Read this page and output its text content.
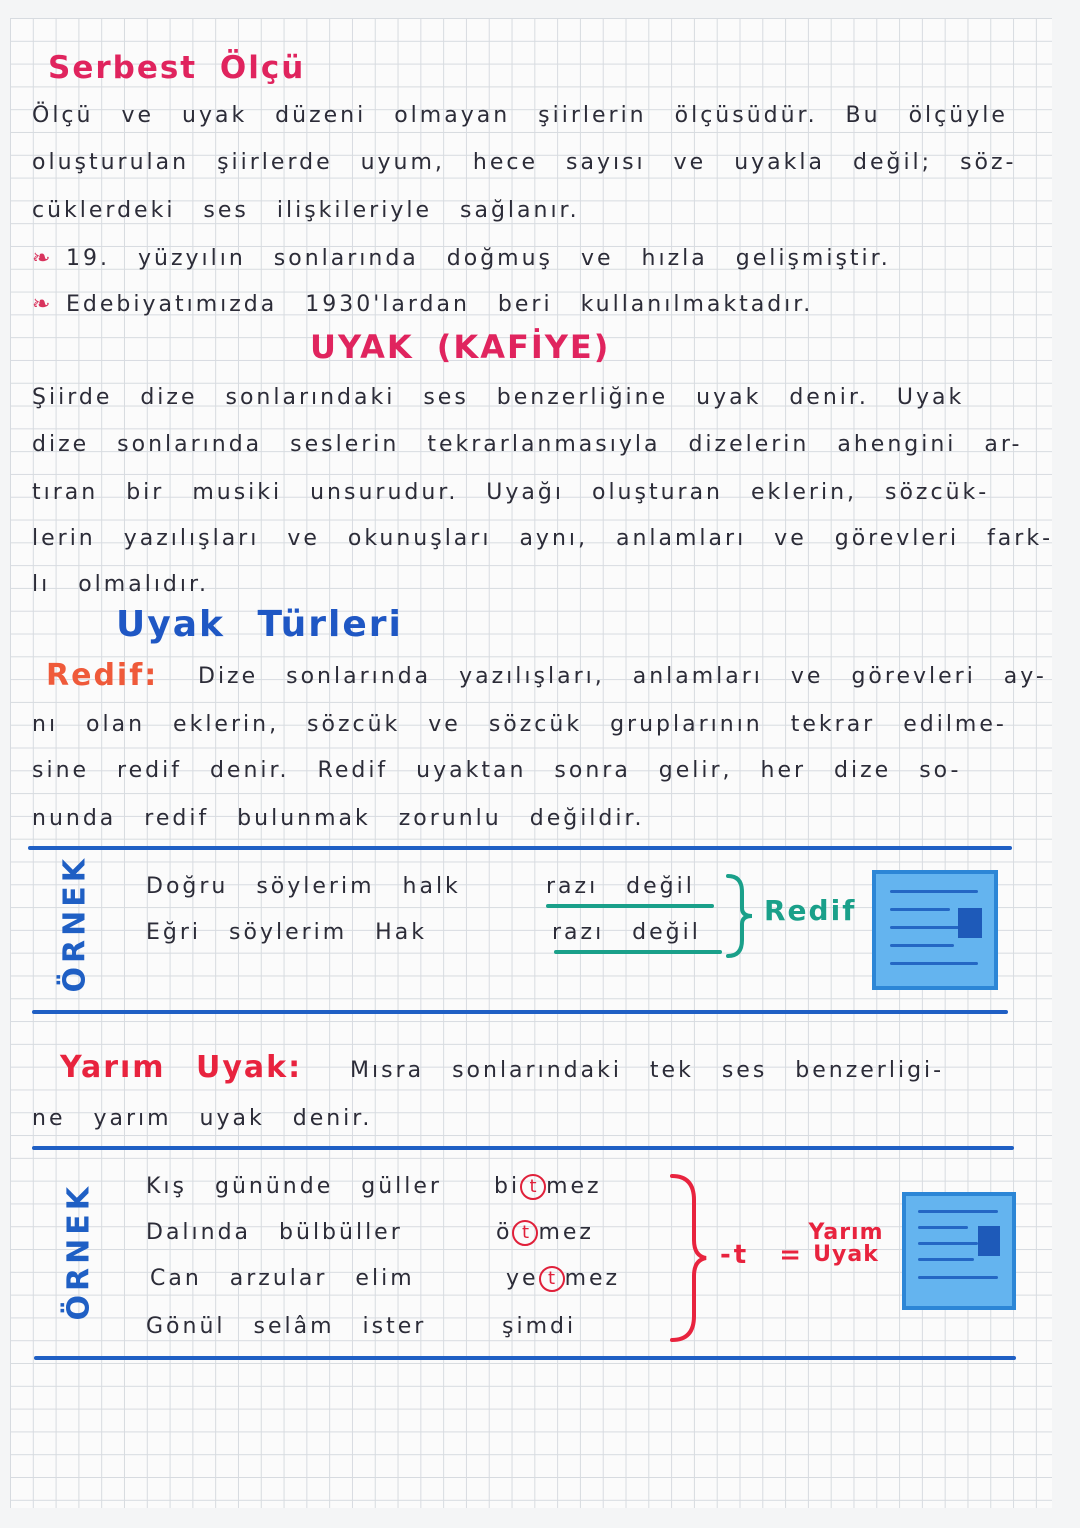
Serbest Ölçü
Ölçü ve uyak düzeni olmayan şiirlerin ölçüsüdür. Bu ölçüyle
oluşturulan şiirlerde uyum, hece sayısı ve uyakla değil; söz-
cüklerdeki ses ilişkileriyle sağlanır.
❧ 19. yüzyılın sonlarında doğmuş ve hızla gelişmiştir.
❧ Edebiyatımızda 1930'lardan beri kullanılmaktadır.
UYAK (KAFİYE)
Şiirde dize sonlarındaki ses benzerliğine uyak denir. Uyak
dize sonlarında seslerin tekrarlanmasıyla dizelerin ahengini ar-
tıran bir musiki unsurudur. Uyağı oluşturan eklerin, sözcük-
lerin yazılışları ve okunuşları aynı, anlamları ve görevleri fark-
lı olmalıdır.
Uyak Türleri
Redif: Dize sonlarında yazılışları, anlamları ve görevleri ay-
nı olan eklerin, sözcük ve sözcük gruplarının tekrar edilme-
sine redif denir. Redif uyaktan sonra gelir, her dize so-
nunda redif bulunmak zorunlu değildir.
ÖRNEK Doğru söylerim halk	razı değil
Eğri söylerim Hak	razı değil
Redif
Yarım Uyak: Mısra sonlarındaki tek ses benzerligi-
ne yarım uyak denir.
ÖRNEK Kış gününde güller bi t mez
Dalında bülbüller	ö t mez
Can arzular elim	ye t mez
Gönül selâm ister	şimdi
-t =
Yarım Uyak
